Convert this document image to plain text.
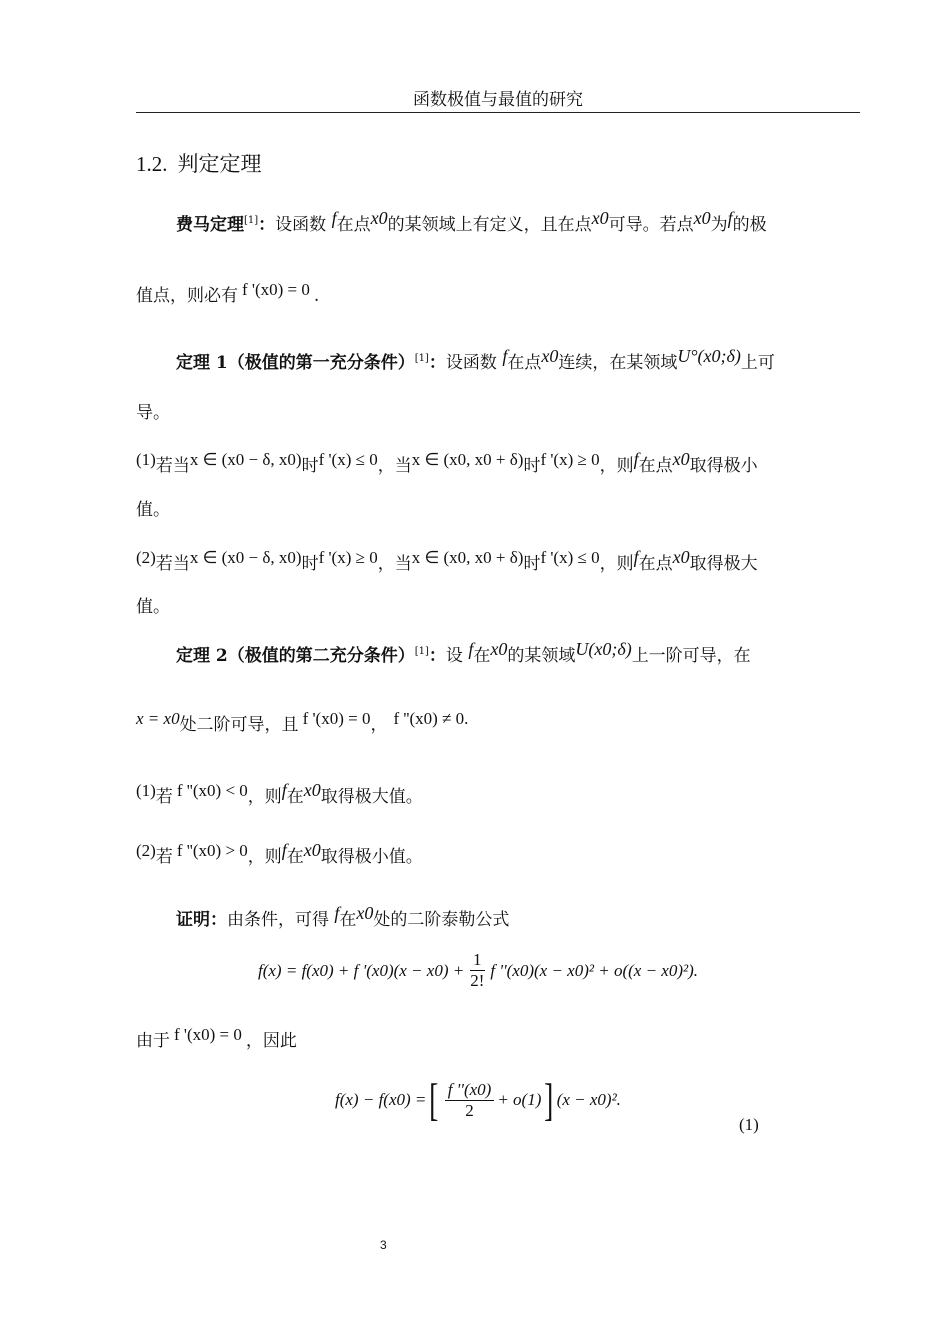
函数极值与最值的研究
1.2. 判定定理
费马定理[1]：设函数 f在点x0的某领域上有定义，且在点x0可导。若点x0为f的极
值点，则必有 f '(x0) = 0 .
定理 1（极值的第一充分条件）[1]：设函数 f在点x0连续，在某领域U°(x0;δ)上可
导。
(1)若当x ∈ (x0 − δ, x0)时f '(x) ≤ 0，当x ∈ (x0, x0 + δ)时f '(x) ≥ 0，则f在点x0取得极小
值。
(2)若当x ∈ (x0 − δ, x0)时f '(x) ≥ 0，当x ∈ (x0, x0 + δ)时f '(x) ≤ 0，则f在点x0取得极大
值。
定理 2（极值的第二充分条件）[1]：设 f在x0的某领域U(x0;δ)上一阶可导，在
x = x0处二阶可导，且 f '(x0) = 0， f ''(x0) ≠ 0.
(1)若 f ''(x0) < 0，则f在x0取得极大值。
(2)若 f ''(x0) > 0，则f在x0取得极小值。
证明：由条件，可得 f在x0处的二阶泰勒公式
f(x) = f(x0) + f '$(x0)(x - x0) + \frac{1}{2!}$ f ''(x0)(x − x0)² + o((x − x0)²).
由于 f '(x0) = 0 ，因此
f(x) − f(x0) = [ $\frac{f ''(x0)}{2} + o(1)$ ] (x − x0)².
(1)
3
